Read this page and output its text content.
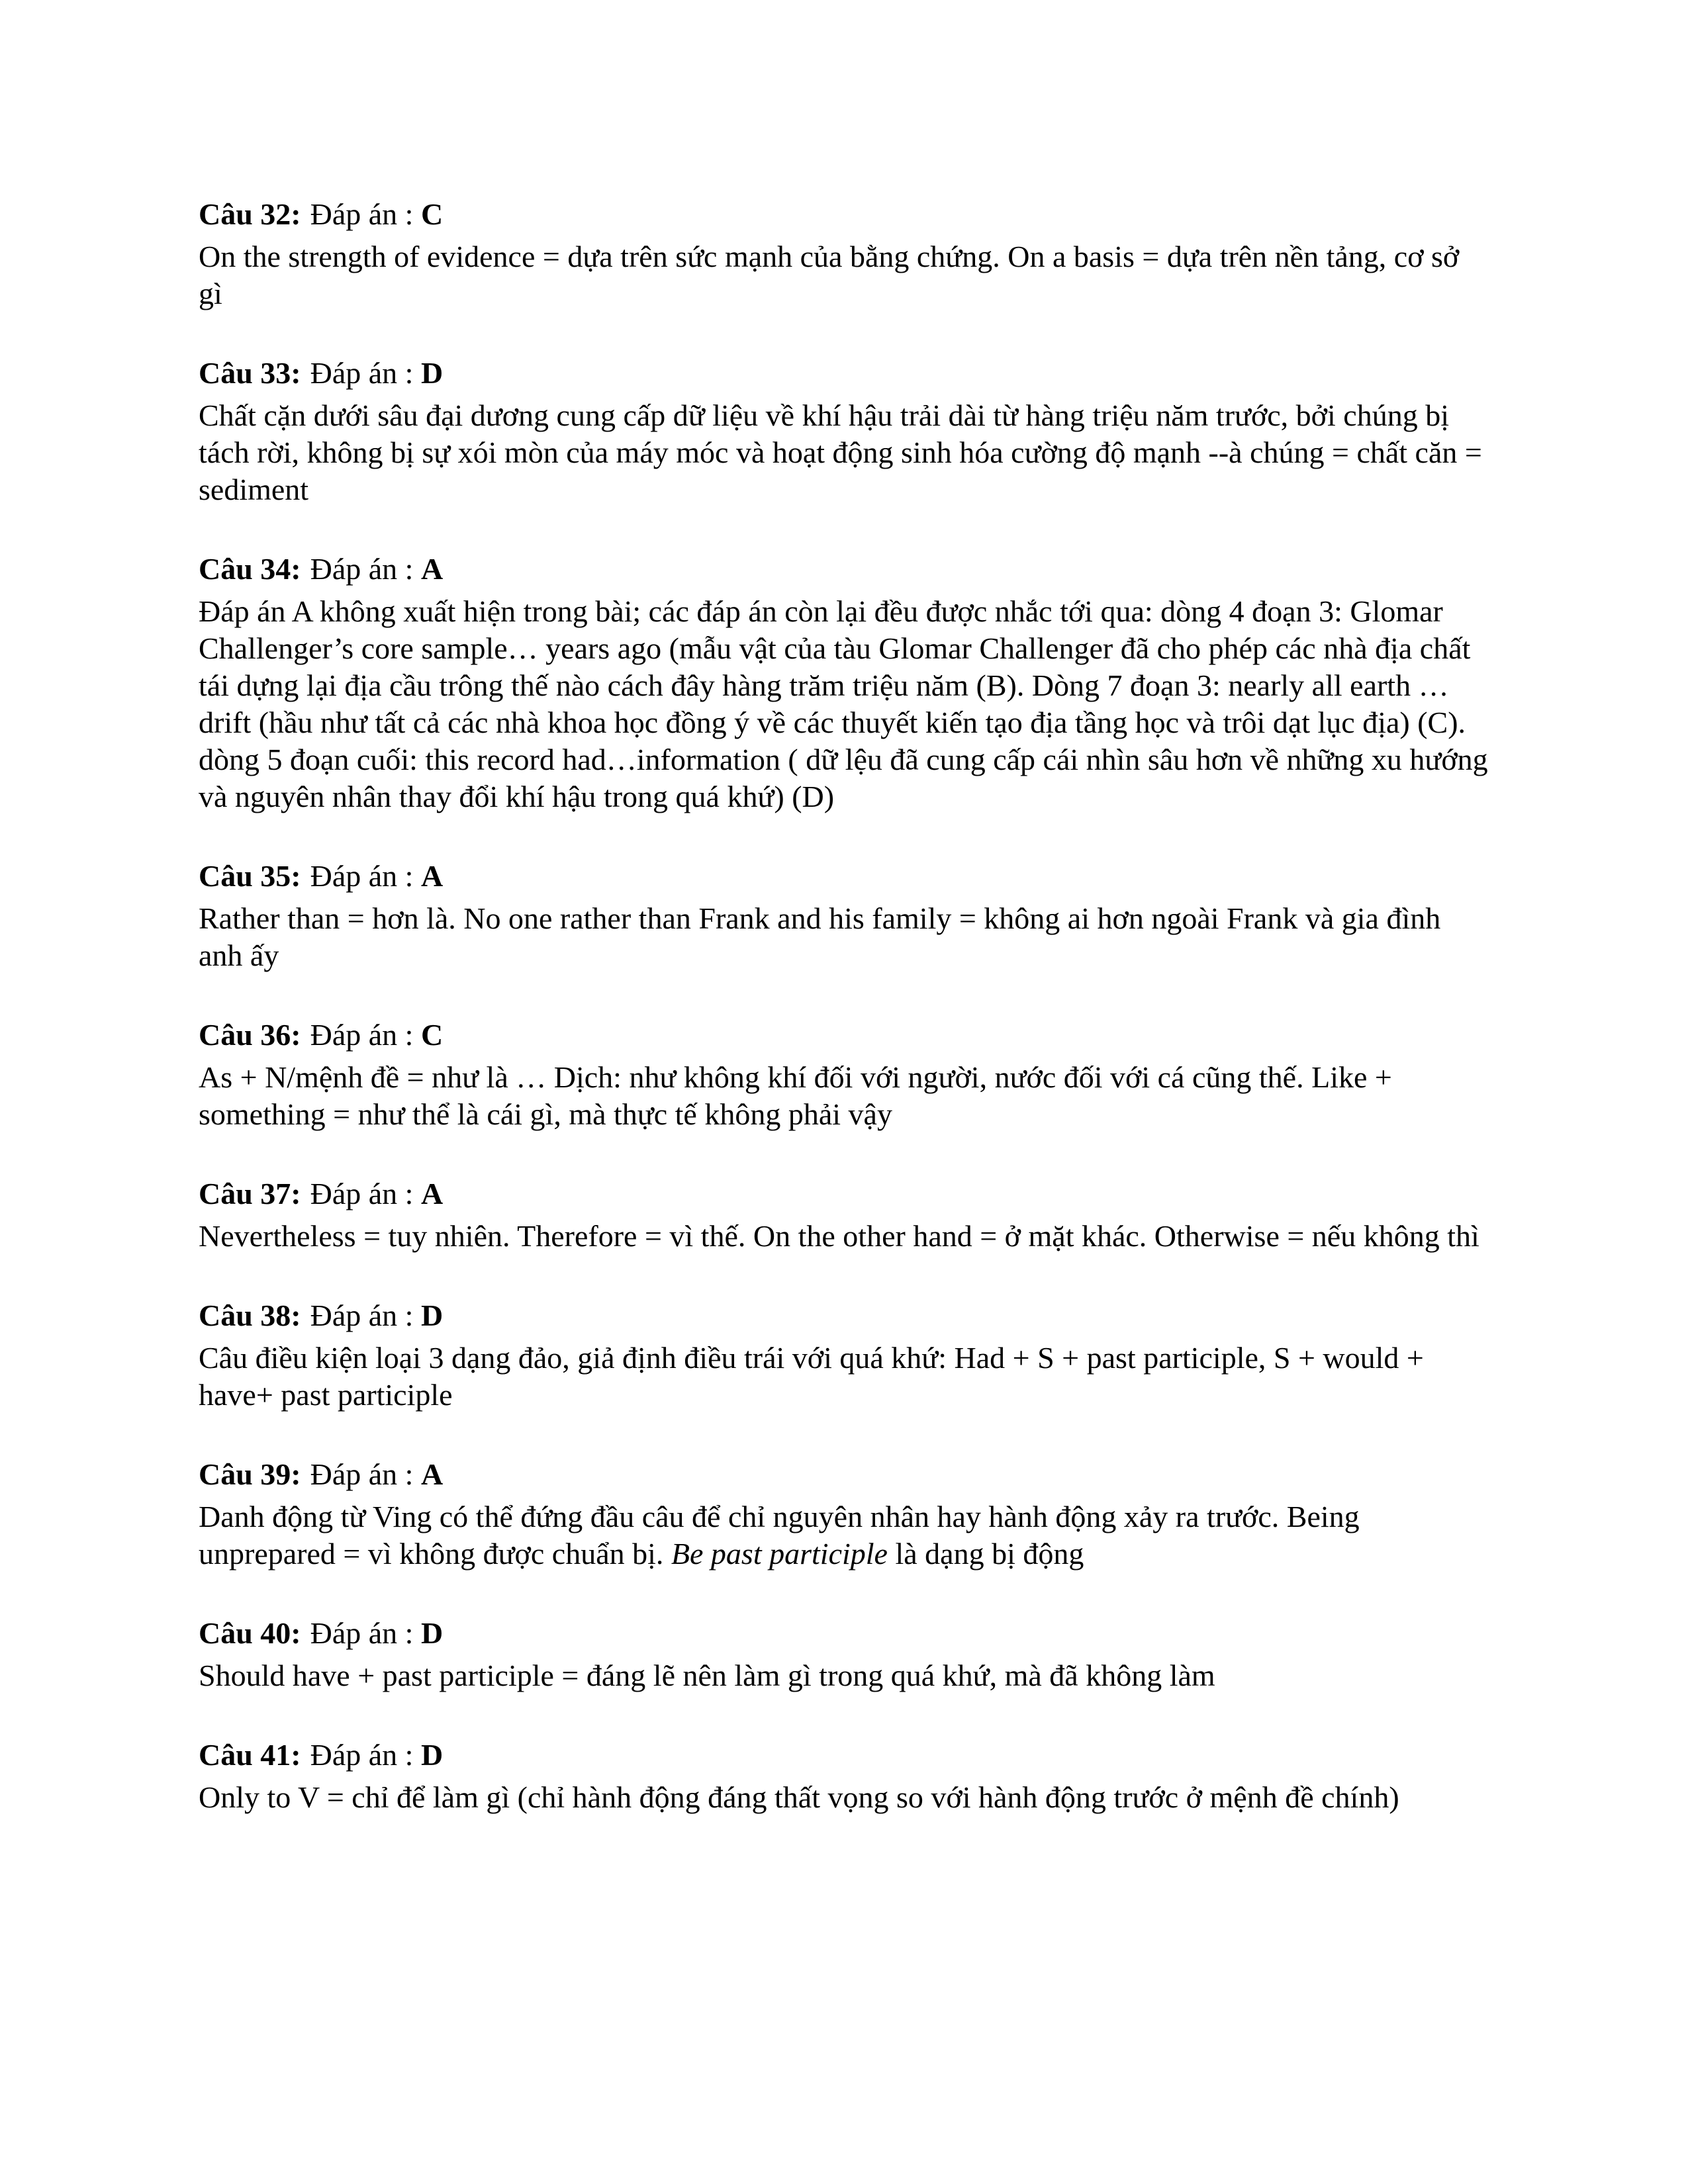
Câu 32: Đáp án : C
On the strength of evidence = dựa trên sức mạnh của bằng chứng. On a basis = dựa trên nền tảng, cơ sở gì
Câu 33: Đáp án : D
Chất cặn dưới sâu đại dương cung cấp dữ liệu về khí hậu trải dài từ hàng triệu năm trước, bởi chúng bị tách rời, không bị sự xói mòn của máy móc và hoạt động sinh hóa cường độ mạnh --à chúng = chất căn = sediment
Câu 34: Đáp án : A
Đáp án A không xuất hiện trong bài; các đáp án còn lại đều được nhắc tới qua: dòng 4 đoạn 3: Glomar Challenger’s core sample… years ago (mẫu vật của tàu Glomar Challenger đã cho phép các nhà địa chất tái dựng lại địa cầu trông thế nào cách đây hàng trăm triệu năm (B). Dòng 7 đoạn 3: nearly all earth … drift (hầu như tất cả các nhà khoa học đồng ý về các thuyết kiến tạo địa tầng học và trôi dạt lục địa) (C). dòng 5 đoạn cuối: this record had…information ( dữ lệu đã cung cấp cái nhìn sâu hơn về những xu hướng và nguyên nhân thay đổi khí hậu trong quá khứ) (D)
Câu 35: Đáp án : A
Rather than = hơn là. No one rather than Frank and his family = không ai hơn ngoài Frank và gia đình anh ấy
Câu 36: Đáp án : C
As + N/mệnh đề = như là … Dịch: như không khí đối với người, nước đối với cá cũng thế. Like + something = như thể là cái gì, mà thực tế không phải vậy
Câu 37: Đáp án : A
Nevertheless = tuy nhiên. Therefore = vì thế. On the other hand = ở mặt khác. Otherwise = nếu không thì
Câu 38: Đáp án : D
Câu điều kiện loại 3 dạng đảo, giả định điều trái với quá khứ: Had + S + past participle, S + would + have+ past participle
Câu 39: Đáp án : A
Danh động từ Ving có thể đứng đầu câu để chỉ nguyên nhân hay hành động xảy ra trước. Being unprepared = vì không được chuẩn bị. Be past participle là dạng bị động
Câu 40: Đáp án : D
Should have + past participle = đáng lẽ nên làm gì trong quá khứ, mà đã không làm
Câu 41: Đáp án : D
Only to V = chỉ để làm gì (chỉ hành động đáng thất vọng so với hành động trước ở mệnh đề chính)
